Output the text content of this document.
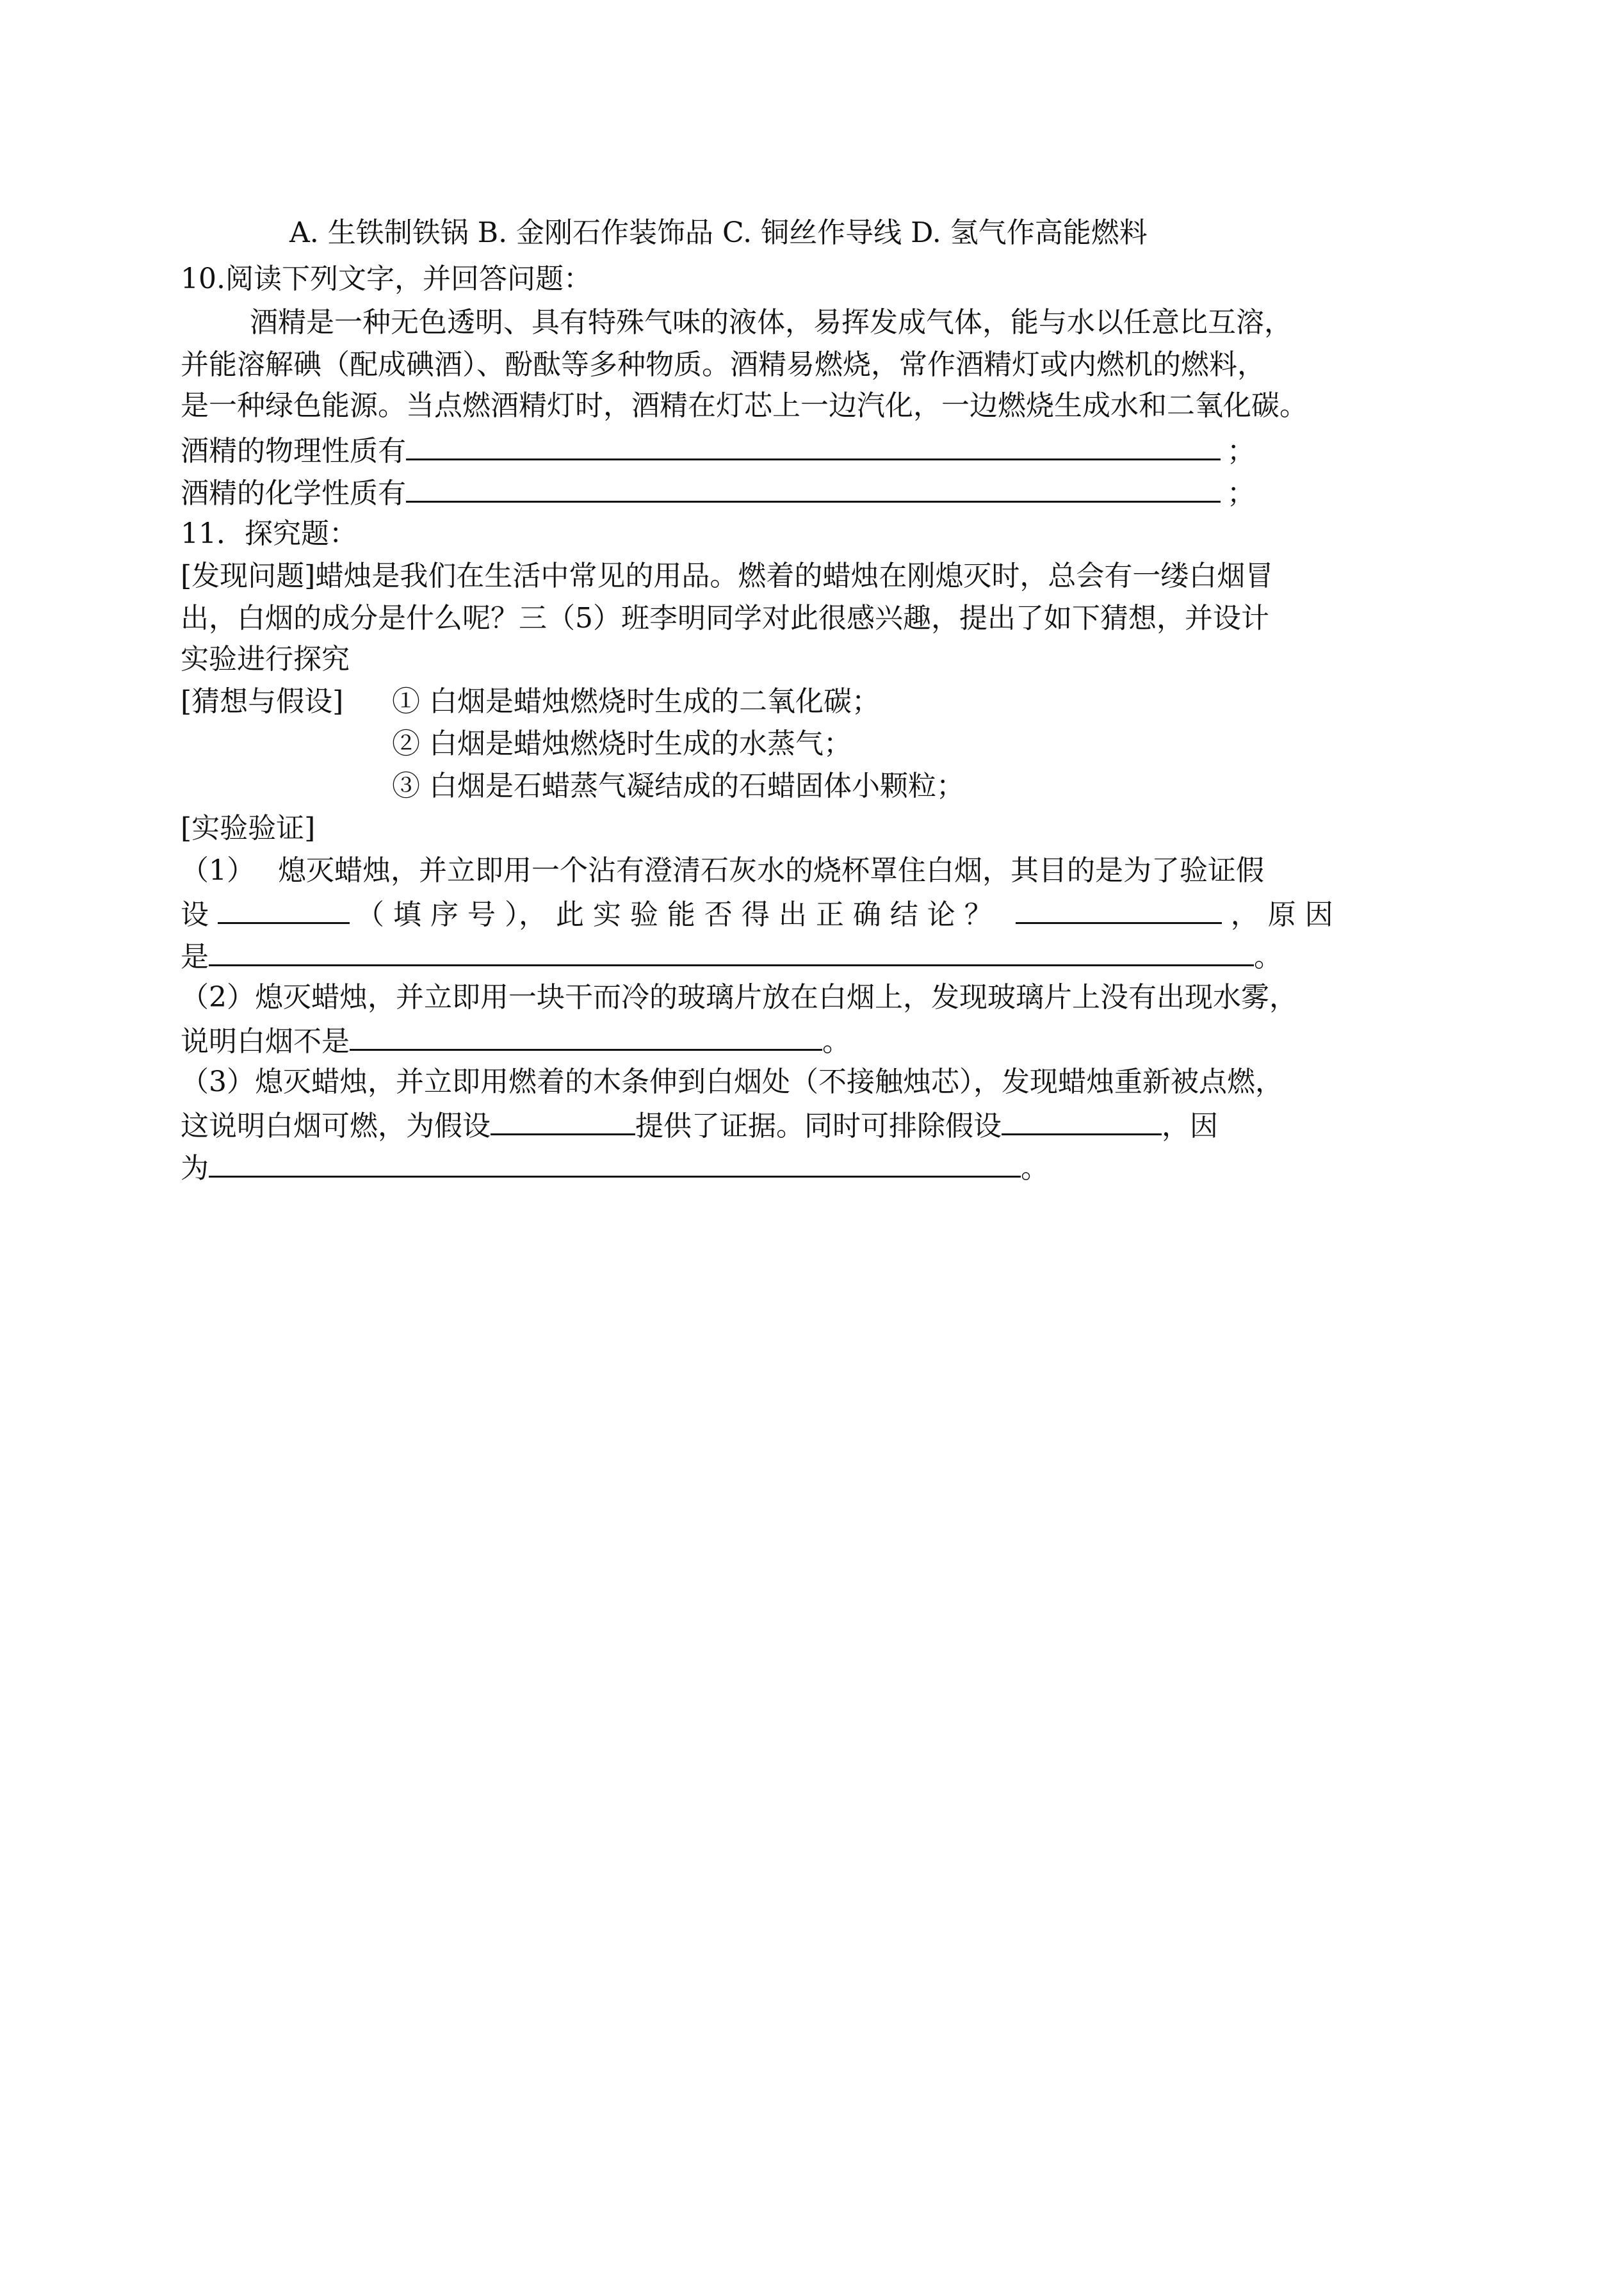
A. 生铁制铁锅 B. 金刚石作装饰品 C. 铜丝作导线 D. 氢气作高能燃料
10.阅读下列文字，并回答问题：
酒精是一种无色透明、具有特殊气味的液体，易挥发成气体，能与水以任意比互溶，
并能溶解碘（配成碘酒）、酚酞等多种物质。酒精易燃烧，常作酒精灯或内燃机的燃料，
是一种绿色能源。当点燃酒精灯时，酒精在灯芯上一边汽化，一边燃烧生成水和二氧化碳。
酒精的物理性质有	；
酒精的化学性质有	；
11．探究题：
[发现问题]蜡烛是我们在生活中常见的用品。燃着的蜡烛在刚熄灭时，总会有一缕白烟冒
出，白烟的成分是什么呢？三（5）班李明同学对此很感兴趣，提出了如下猜想，并设计
实验进行探究
[猜想与假设] ① 白烟是蜡烛燃烧时生成的二氧化碳；
② 白烟是蜡烛燃烧时生成的水蒸气；
③ 白烟是石蜡蒸气凝结成的石蜡固体小颗粒；
[实验验证]
（1）　 熄灭蜡烛，并立即用一个沾有澄清石灰水的烧杯罩住白烟，其目的是为了验证假
设	（ 填 序 号 ）， 此 实 验 能 否 得 出 正 确 结 论 ？	， 原 因
是	。
（2）熄灭蜡烛，并立即用一块干而冷的玻璃片放在白烟上，发现玻璃片上没有出现水雾，
说明白烟不是	。
（3）熄灭蜡烛，并立即用燃着的木条伸到白烟处（不接触烛芯），发现蜡烛重新被点燃，
这说明白烟可燃，为假设	提供了证据。同时可排除假设	，因
为	。
